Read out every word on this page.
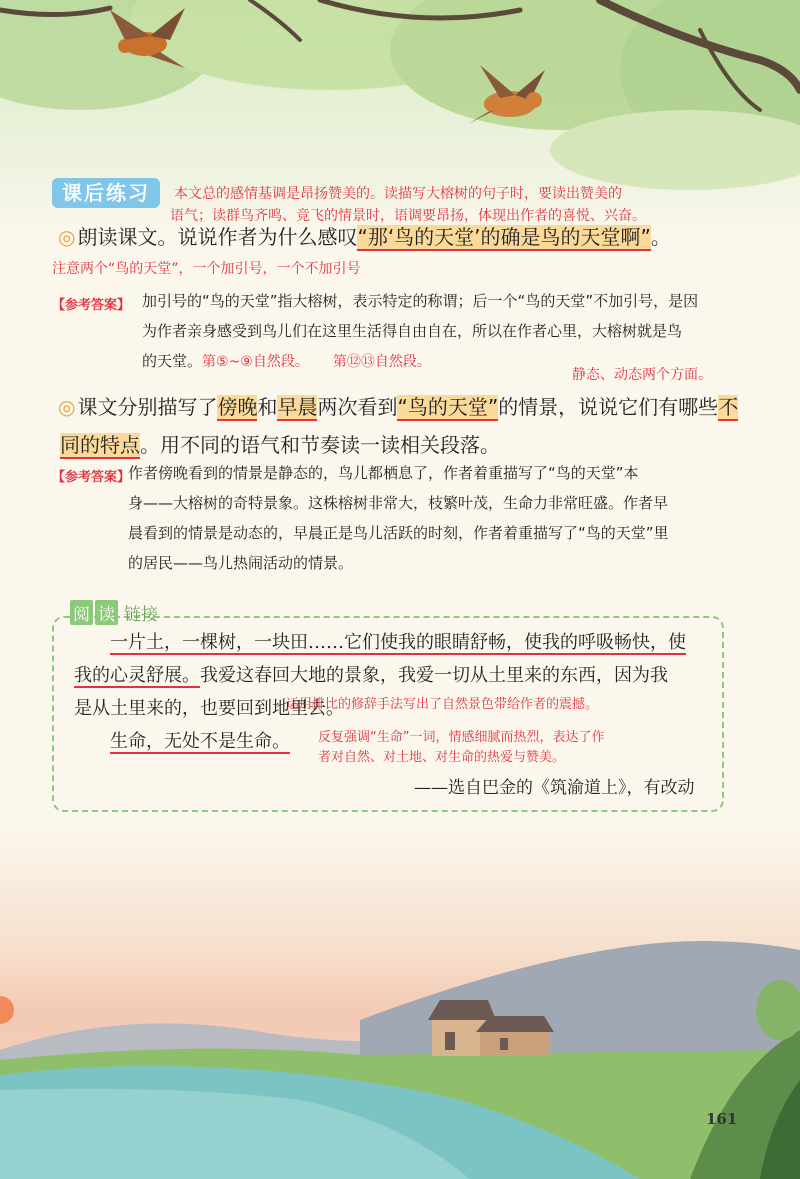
课后练习	本文总的感情基调是昂扬赞美的。读描写大榕树的句子时，要读出赞美的
语气；读群鸟齐鸣、竞飞的情景时，语调要昂扬，体现出作者的喜悦、兴奋。
◎ 朗读课文。说说作者为什么感叹“那‘鸟的天堂’的确是鸟的天堂啊”。
注意两个“鸟的天堂”，一个加引号，一个不加引号
【参考答案】 加引号的“鸟的天堂”指大榕树，表示特定的称谓；后一个“鸟的天堂”不加引号，是因
为作者亲身感受到鸟儿们在这里生活得自由自在，所以在作者心里，大榕树就是鸟
的天堂。第⑤~⑨自然段。 第⑫⑬自然段。
静态、动态两个方面。
◎ 课文分别描写了傍晚和早晨两次看到“鸟的天堂”的情景，说说它们有哪些不
同的特点。用不同的语气和节奏读一读相关段落。
【参考答案】
作者傍晚看到的情景是静态的，鸟儿都栖息了，作者着重描写了“鸟的天堂”本
身——大榕树的奇特景象。这株榕树非常大，枝繁叶茂，生命力非常旺盛。作者早
晨看到的情景是动态的，早晨正是鸟儿活跃的时刻，作者着重描写了“鸟的天堂”里
的居民——鸟儿热闹活动的情景。
阅 读 链接
一片土，一棵树，一块田……它们使我的眼睛舒畅，使我的呼吸畅快，使
我的心灵舒展。我爱这春回大地的景象，我爱一切从土里来的东西，因为我
是从土里来的，也要回到地里去。
生命，无处不是生命。
运用排比的修辞手法写出了自然景色带给作者的震撼。
反复强调“生命”一词，情感细腻而热烈，表达了作
者对自然、对土地、对生命的热爱与赞美。
——选自巴金的《筑渝道上》，有改动
161
